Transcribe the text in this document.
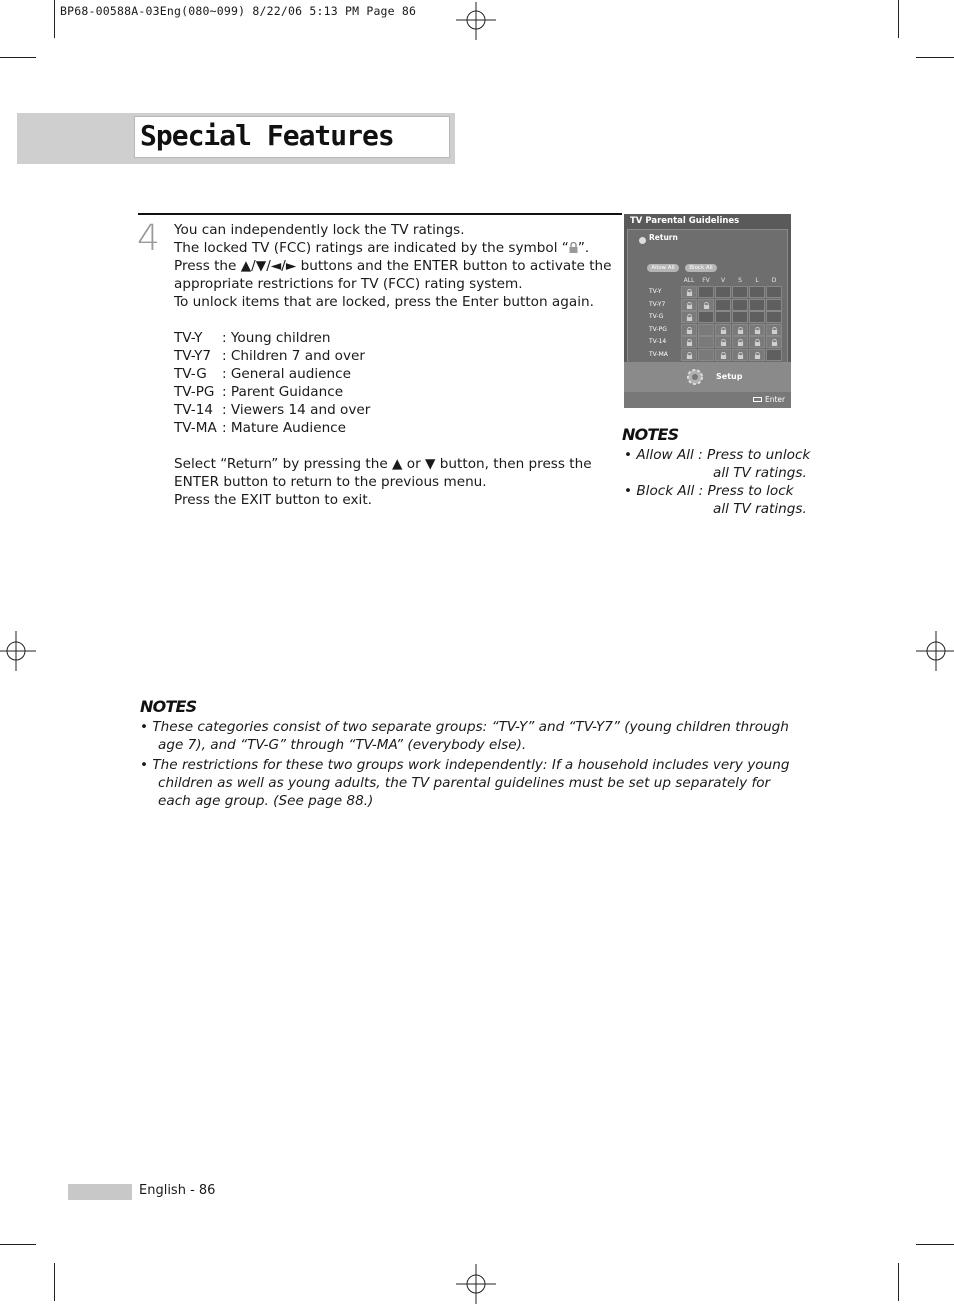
BP68-00588A-03Eng(080~099) 8/22/06 5:13 PM Page 86
Special Features
4 You can independently lock the TV ratings.
The locked TV (FCC) ratings are indicated by the symbol “ ”.
Press the ▲/▼/◄/► buttons and the ENTER button to activate the
appropriate restrictions for TV (FCC) rating system.
To unlock items that are locked, press the Enter button again.
TV-Y : Young children
TV-Y7 : Children 7 and over
TV-G : General audience
TV-PG : Parent Guidance
TV-14 : Viewers 14 and over
TV-MA : Mature Audience
Select “Return” by pressing the ▲ or ▼ button, then press the
ENTER button to return to the previous menu.
Press the EXIT button to exit.
TV Parental Guidelines
Return
Allow All	Block All
ALL	FV	V	S	L	D
TV-Y
TV-Y7
TV-G
TV-PG
TV-14
TV-MA
Setup
Enter
NOTES
• Allow All : Press to unlock
all TV ratings.
• Block All : Press to lock
all TV ratings.
NOTES
• These categories consist of two separate groups: “TV-Y” and “TV-Y7” (young children through
age 7), and “TV-G” through “TV-MA” (everybody else).
• The restrictions for these two groups work independently: If a household includes very young
children as well as young adults, the TV parental guidelines must be set up separately for
each age group. (See page 88.)
English - 86
